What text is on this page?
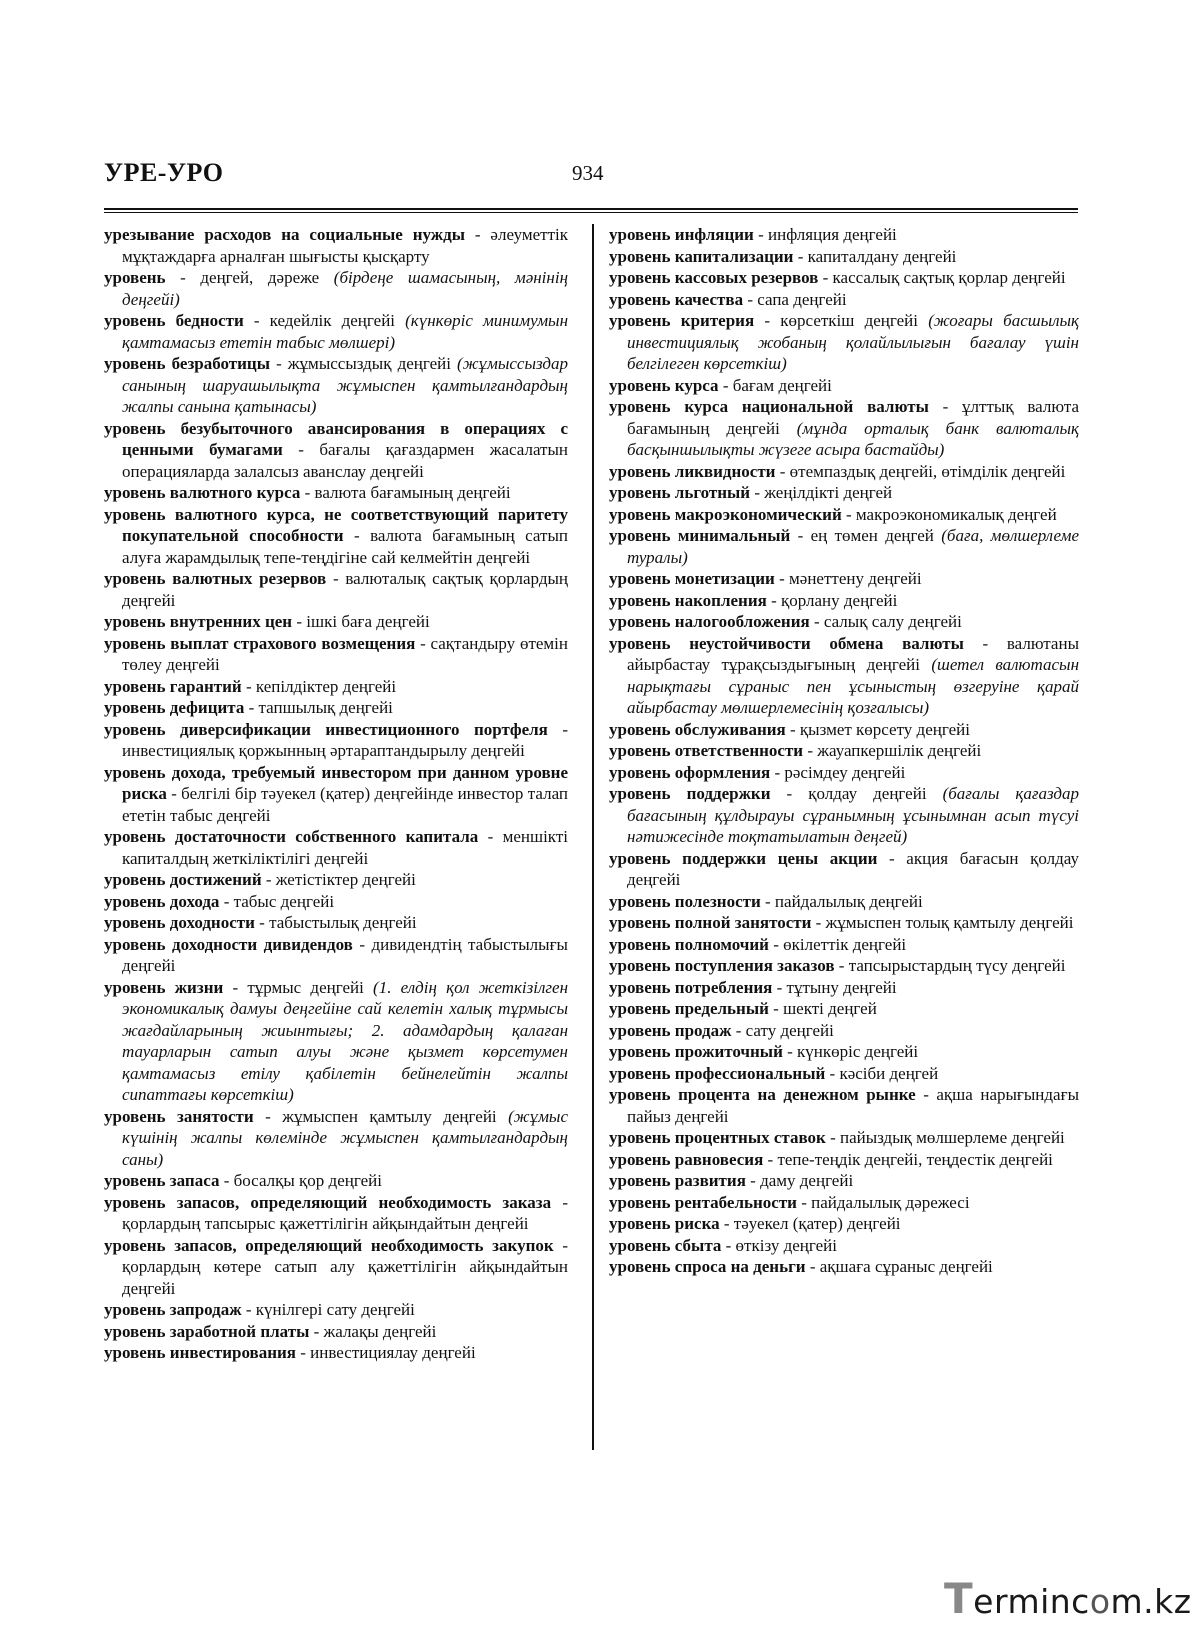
УРЕ-УРО	934
урезывание расходов на социальные нужды - әлеуметтік мұқтаждарға арналған шығысты қысқарту
уровень - деңгей, дәреже (бірдеңе шамасының, мәнінің деңгейі)
уровень бедности - кедейлік деңгейі (күнкөріс минимумын қамтамасыз ететін табыс мөлшері)
уровень безработицы - жұмыссыздық деңгейі (жұмыссыздар санының шаруашылықта жұмыспен қамтылғандардың жалпы санына қатынасы)
уровень безубыточного авансирования в операциях с ценными бумагами - бағалы қағаздармен жасалатын операцияларда залалсыз аванслау деңгейі
уровень валютного курса - валюта бағамының деңгейі
уровень валютного курса, не соответствующий паритету покупательной способности - валюта бағамының сатып алуға жарамдылық тепе-теңдігіне сай келмейтін деңгейі
уровень валютных резервов - валюталық сақтық қорлардың деңгейі
уровень внутренних цен - ішкі баға деңгейі
уровень выплат страхового возмещения - сақтандыру өтемін төлеу деңгейі
уровень гарантий - кепілдіктер деңгейі
уровень дефицита - тапшылық деңгейі
уровень диверсификации инвестиционного портфеля - инвестициялық қоржынның әртараптандырылу деңгейі
уровень дохода, требуемый инвестором при данном уровне риска - белгілі бір тәуекел (қатер) деңгейінде инвестор талап ететін табыс деңгейі
уровень достаточности собственного капитала - меншікті капиталдың жеткіліктілігі деңгейі
уровень достижений - жетістіктер деңгейі
уровень дохода - табыс деңгейі
уровень доходности - табыстылық деңгейі
уровень доходности дивидендов - дивидендтің табыстылығы деңгейі
уровень жизни - тұрмыс деңгейі (1. елдің қол жеткізілген экономикалық дамуы деңгейіне сай келетін халық тұрмысы жағдайларының жиынтығы; 2. адамдардың қалаған тауарларын сатып алуы және қызмет көрсетумен қамтамасыз етілу қабілетін бейнелейтін жалпы сипаттағы көрсеткіш)
уровень занятости - жұмыспен қамтылу деңгейі (жұмыс күшінің жалпы көлемінде жұмыспен қамтылғандардың саны)
уровень запаса - босалқы қор деңгейі
уровень запасов, определяющий необходимость заказа - қорлардың тапсырыс қажеттілігін айқындайтын деңгейі
уровень запасов, определяющий необходимость закупок - қорлардың көтере сатып алу қажеттілігін айқындайтын деңгейі
уровень запродаж - күнілгері сату деңгейі
уровень заработной платы - жалақы деңгейі
уровень инвестирования - инвестициялау деңгейі
уровень инфляции - инфляция деңгейі
уровень капитализации - капиталдану деңгейі
уровень кассовых резервов - кассалық сақтық қорлар деңгейі
уровень качества - сапа деңгейі
уровень критерия - көрсеткіш деңгейі (жоғары басшылық инвестициялық жобаның қолайлылығын бағалау үшін белгілеген көрсеткіш)
уровень курса - бағам деңгейі
уровень курса национальной валюты - ұлттық валюта бағамының деңгейі (мұнда орталық банк валюталық басқыншылықты жүзеге асыра бастайды)
уровень ликвидности - өтемпаздық деңгейі, өтімділік деңгейі
уровень льготный - жеңілдікті деңгей
уровень макроэкономический - макроэкономикалық деңгей
уровень минимальный - ең төмен деңгей (баға, мөлшерлеме туралы)
уровень монетизации - мәнеттену деңгейі
уровень накопления - қорлану деңгейі
уровень налогообложения - салық салу деңгейі
уровень неустойчивости обмена валюты - валютаны айырбастау тұрақсыздығының деңгейі (шетел валютасын нарықтағы сұраныс пен ұсыныстың өзгеруіне қарай айырбастау мөлшерлемесінің қозғалысы)
уровень обслуживания - қызмет көрсету деңгейі
уровень ответственности - жауапкершілік деңгейі
уровень оформления - рәсімдеу деңгейі
уровень поддержки - қолдау деңгейі (бағалы қағаздар бағасының құлдырауы сұранымның ұсынымнан асып түсуі нәтижесінде тоқтатылатын деңгей)
уровень поддержки цены акции - акция бағасын қолдау деңгейі
уровень полезности - пайдалылық деңгейі
уровень полной занятости - жұмыспен толық қамтылу деңгейі
уровень полномочий - өкілеттік деңгейі
уровень поступления заказов - тапсырыстардың түсу деңгейі
уровень потребления - тұтыну деңгейі
уровень предельный - шекті деңгей
уровень продаж - сату деңгейі
уровень прожиточный - күнкөріс деңгейі
уровень профессиональный - кәсіби деңгей
уровень процента на денежном рынке - ақша нарығындағы пайыз деңгейі
уровень процентных ставок - пайыздық мөлшерлеме деңгейі
уровень равновесия - тепе-теңдік деңгейі, теңдестік деңгейі
уровень развития - даму деңгейі
уровень рентабельности - пайдалылық дәрежесі
уровень риска - тәуекел (қатер) деңгейі
уровень сбыта - өткізу деңгейі
уровень спроса на деньги - ақшаға сұраныс деңгейі
Termincom.kz
